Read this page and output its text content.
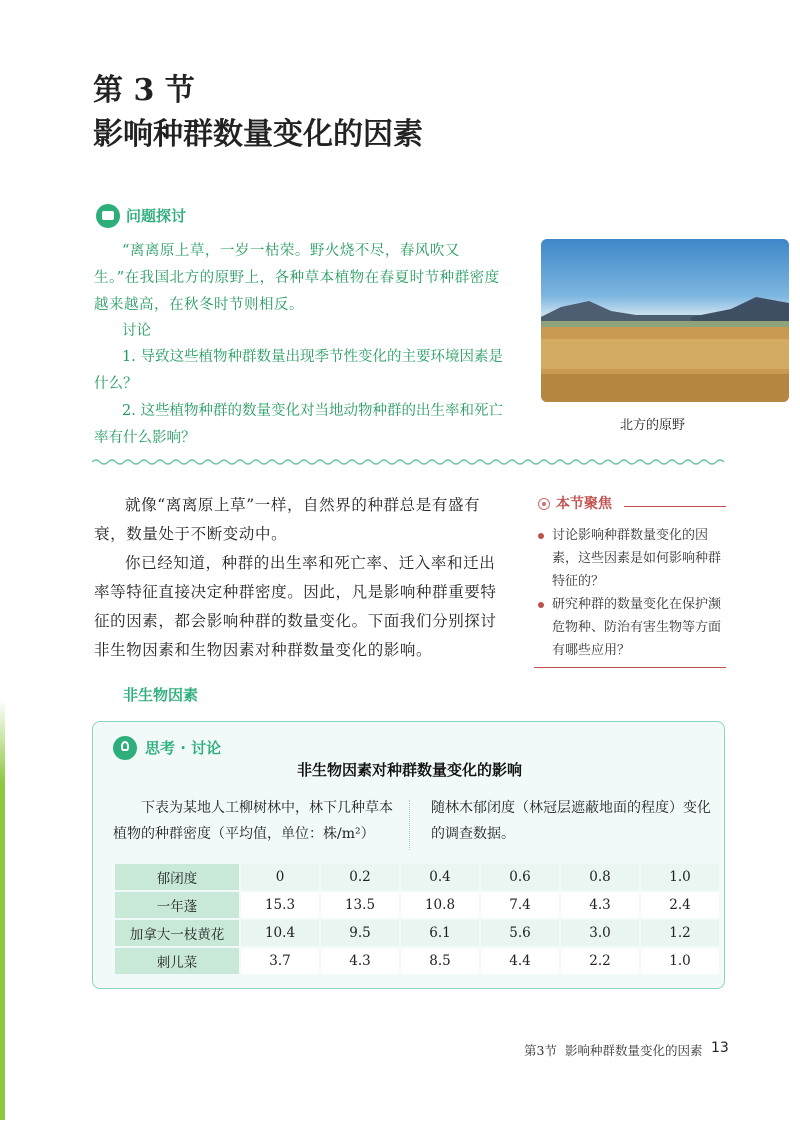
第 3 节
影响种群数量变化的因素
问题探讨
“离离原上草，一岁一枯荣。野火烧不尽，春风吹又生。”在我国北方的原野上，各种草本植物在春夏时节种群密度越来越高，在秋冬时节则相反。
讨论
1. 导致这些植物种群数量出现季节性变化的主要环境因素是什么？
2. 这些植物种群的数量变化对当地动物种群的出生率和死亡率有什么影响？
北方的原野
就像“离离原上草”一样，自然界的种群总是有盛有衰，数量处于不断变动中。
你已经知道，种群的出生率和死亡率、迁入率和迁出率等特征直接决定种群密度。因此，凡是影响种群重要特征的因素，都会影响种群的数量变化。下面我们分别探讨非生物因素和生物因素对种群数量变化的影响。
本节聚焦
讨论影响种群数量变化的因素，这些因素是如何影响种群特征的？
研究种群的数量变化在保护濒危物种、防治有害生物等方面有哪些应用？
非生物因素
思考 · 讨论
非生物因素对种群数量变化的影响
下表为某地人工柳树林中，林下几种草本植物的种群密度（平均值，单位：株/m²）
随林木郁闭度（林冠层遮蔽地面的程度）变化的调查数据。
郁闭度	0	0.2	0.4	0.6	0.8	1.0
一年蓬	15.3	13.5	10.8	7.4	4.3	2.4
加拿大一枝黄花	10.4	9.5	6.1	5.6	3.0	1.2
刺儿菜	3.7	4.3	8.5	4.4	2.2	1.0
第3节 影响种群数量变化的因素 13
